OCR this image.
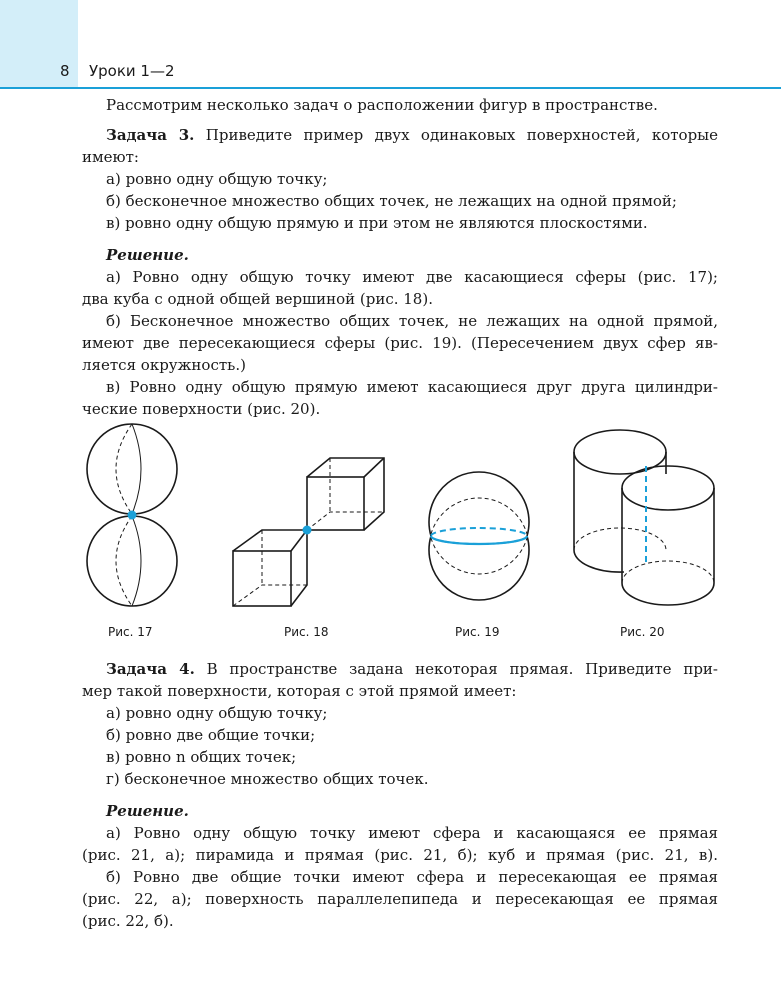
8 Уроки 1—2
Рассмотрим несколько задач о расположении фигур в пространстве.
Задача 3. Приведите пример двух одинаковых поверхностей, которые
имеют:
а) ровно одну общую точку;
б) бесконечное множество общих точек, не лежащих на одной прямой;
в) ровно одну общую прямую и при этом не являются плоскостями.
Решение.
а) Ровно одну общую точку имеют две касающиеся сферы (рис. 17);
два куба с одной общей вершиной (рис. 18).
б) Бесконечное множество общих точек, не лежащих на одной прямой,
имеют две пересекающиеся сферы (рис. 19). (Пересечением двух сфер яв-
ляется окружность.)
в) Ровно одну общую прямую имеют касающиеся друг друга цилиндри-
ческие поверхности (рис. 20).
Рис. 17	Рис. 18	Рис. 19	Рис. 20
Задача 4. В пространстве задана некоторая прямая. Приведите при-
мер такой поверхности, которая с этой прямой имеет:
а) ровно одну общую точку;
б) ровно две общие точки;
в) ровно n общих точек;
г) бесконечное множество общих точек.
Решение.
а) Ровно одну общую точку имеют сфера и касающаяся ее прямая
(рис. 21, а); пирамида и прямая (рис. 21, б); куб и прямая (рис. 21, в).
б) Ровно две общие точки имеют сфера и пересекающая ее прямая
(рис. 22, а); поверхность параллелепипеда и пересекающая ее прямая
(рис. 22, б).
